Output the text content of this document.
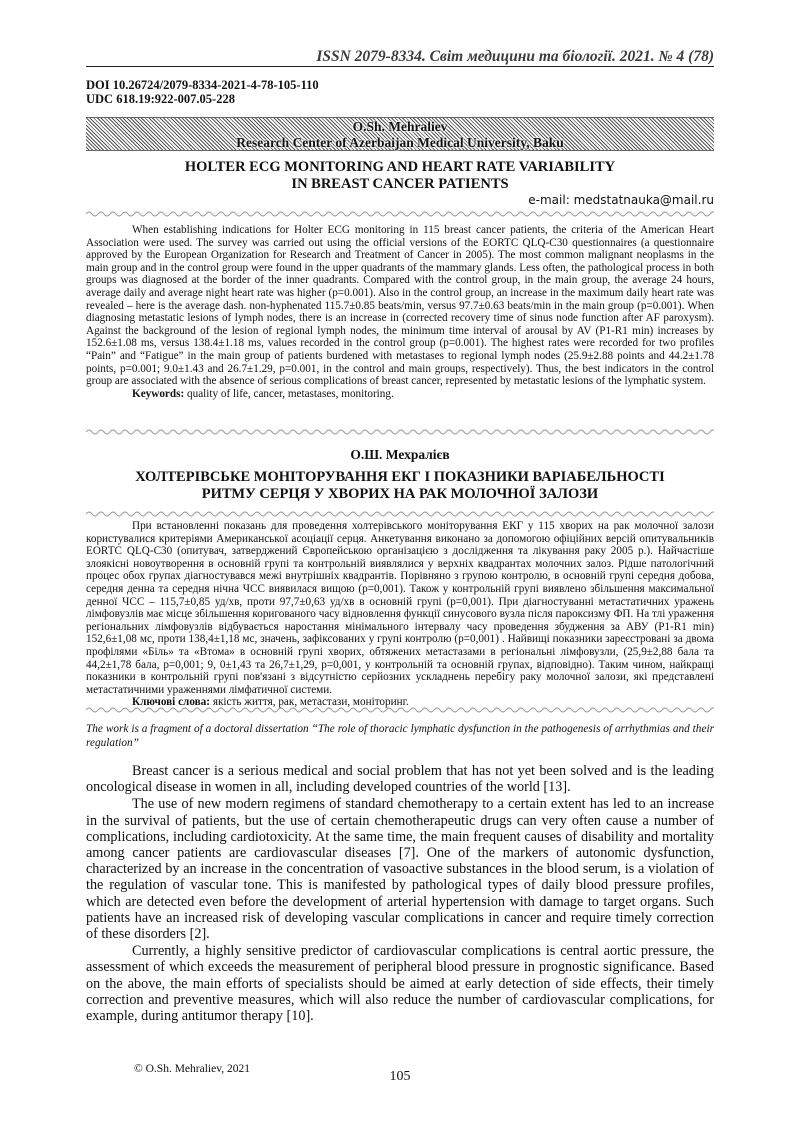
ISSN 2079-8334. Світ медицини та біології. 2021. № 4 (78)
DOI 10.26724/2079-8334-2021-4-78-105-110
UDC 618.19:922-007.05-228
O.Sh. Mehraliev
Research Center of Azerbaijan Medical University, Baku
HOLTER ECG MONITORING AND HEART RATE VARIABILITY
IN BREAST CANCER PATIENTS
e-mail: medstatnauka@mail.ru

When establishing indications for Holter ECG monitoring in 115 breast cancer patients, the criteria of the American Heart Association were used. The survey was carried out using the official versions of the EORTC QLQ-C30 questionnaires (a questionnaire approved by the European Organization for Research and Treatment of Cancer in 2005). The most common malignant neoplasms in the main group and in the control group were found in the upper quadrants of the mammary glands. Less often, the pathological process in both groups was diagnosed at the border of the inner quadrants. Compared with the control group, in the main group, the average 24 hours, average daily and average night heart rate was higher (p=0.001). Also in the control group, an increase in the maximum daily heart rate was revealed – here is the average dash. non-hyphenated 115.7±0.85 beats/min, versus 97.7±0.63 beats/min in the main group (p=0.001). When diagnosing metastatic lesions of lymph nodes, there is an increase in (corrected recovery time of sinus node function after AF paroxysm). Against the background of the lesion of regional lymph nodes, the minimum time interval of arousal by AV (P1-R1 min) increases by 152.6±1.08 ms, versus 138.4±1.18 ms, values recorded in the control group (p=0.001). The highest rates were recorded for two profiles “Pain” and “Fatigue” in the main group of patients burdened with metastases to regional lymph nodes (25.9±2.88 points and 44.2±1.78 points, p=0.001; 9.0±1.43 and 26.7±1.29, p=0.001, in the control and main groups, respectively). Thus, the best indicators in the control group are associated with the absence of serious complications of breast cancer, represented by metastatic lesions of the lymphatic system.

Keywords: quality of life, cancer, metastases, monitoring.
О.Ш. Мехралієв
ХОЛТЕРІВСЬКЕ МОНІТОРУВАННЯ ЕКГ І ПОКАЗНИКИ ВАРІАБЕЛЬНОСТІ
РИТМУ СЕРЦЯ У ХВОРИХ НА РАК МОЛОЧНОЇ ЗАЛОЗИ

При встановленні показань для проведення холтерівського моніторування ЕКГ у 115 хворих на рак молочної залози користувалися критеріями Американської асоціації серця. Анкетування виконано за допомогою офіційних версій опитувальників EORTC QLQ-C30 (опитувач, затверджений Європейською організацією з дослідження та лікування раку 2005 р.). Найчастіше злоякісні новоутворення в основній групі та контрольній виявлялися у верхніх квадрантах молочних залоз. Рідше патологічний процес обох групах діагностувався межі внутрішніх квадрантів. Порівняно з групою контролю, в основній групі середня добова, середня денна та середня нічна ЧСС виявилася вищою (p=0,001). Також у контрольній групі виявлено збільшення максимальної денної ЧСС – 115,7±0,85 уд/хв, проти 97,7±0,63 уд/хв в основній групі (p=0,001). При діагностуванні метастатичних уражень лімфовузлів має місце збільшення коригованого часу відновлення функції синусового вузла після пароксизму ФП. На тлі ураження регіональних лімфовузлів відбувається наростання мінімального інтервалу часу проведення збудження за АВУ (P1-R1 min) 152,6±1,08 мс, проти 138,4±1,18 мс, значень, зафіксованих у групі контролю (p=0,001) . Найвищі показники зареєстровані за двома профілями «Біль» та «Втома» в основній групі хворих, обтяжених метастазами в регіональні лімфовузли, (25,9±2,88 бала та 44,2±1,78 бала, p=0,001; 9, 0±1,43 та 26,7±1,29, p=0,001, у контрольній та основній групах, відповідно). Таким чином, найкращі показники в контрольній групі пов'язані з відсутністю серйозних ускладнень перебігу раку молочної залози, які представлені метастатичними ураженнями лімфатичної системи.

Ключові слова: якість життя, рак, метастази, моніторинг.
The work is a fragment of a doctoral dissertation “The role of thoracic lymphatic dysfunction in the pathogenesis of arrhythmias and their regulation”

Breast cancer is a serious medical and social problem that has not yet been solved and is the leading oncological disease in women in all, including developed countries of the world [13].

The use of new modern regimens of standard chemotherapy to a certain extent has led to an increase in the survival of patients, but the use of certain chemotherapeutic drugs can very often cause a number of complications, including cardiotoxicity. At the same time, the main frequent causes of disability and mortality among cancer patients are cardiovascular diseases [7]. One of the markers of autonomic dysfunction, characterized by an increase in the concentration of vasoactive substances in the blood serum, is a violation of the regulation of vascular tone. This is manifested by pathological types of daily blood pressure profiles, which are detected even before the development of arterial hypertension with damage to target organs. Such patients have an increased risk of developing vascular complications in cancer and require timely correction of these disorders [2].

Currently, a highly sensitive predictor of cardiovascular complications is central aortic pressure, the assessment of which exceeds the measurement of peripheral blood pressure in prognostic significance. Based on the above, the main efforts of specialists should be aimed at early detection of side effects, their timely correction and preventive measures, which will also reduce the number of cardiovascular complications, for example, during antitumor therapy [10].

© O.Sh. Mehraliev, 2021	105
